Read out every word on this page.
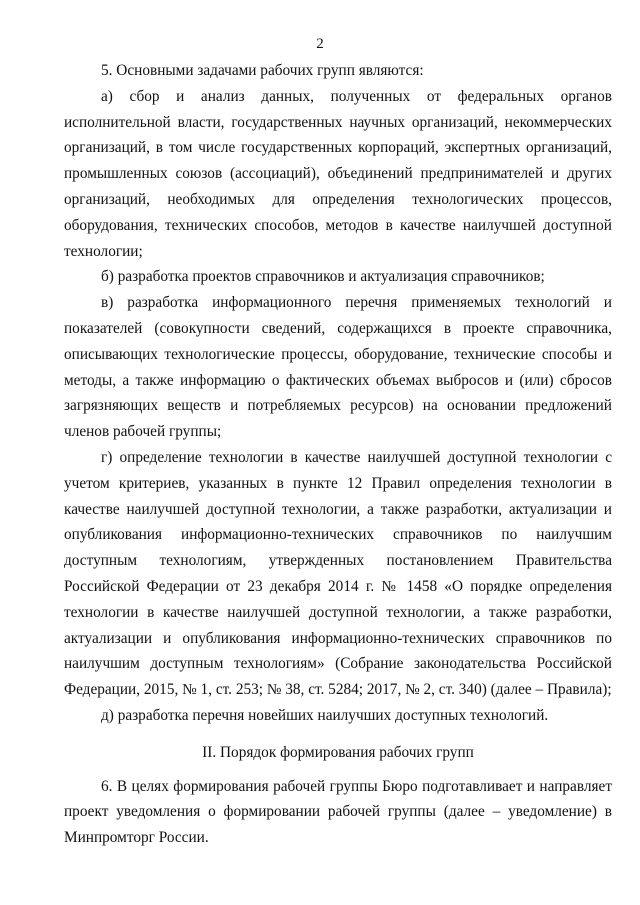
2

5. Основными задачами рабочих групп являются:

а) сбор и анализ данных, полученных от федеральных органов исполнительной власти, государственных научных организаций, некоммерческих организаций, в том числе государственных корпораций, экспертных организаций, промышленных союзов (ассоциаций), объединений предпринимателей и других организаций, необходимых для определения технологических процессов, оборудования, технических способов, методов в качестве наилучшей доступной технологии;

б) разработка проектов справочников и актуализация справочников;

в) разработка информационного перечня применяемых технологий и показателей (совокупности сведений, содержащихся в проекте справочника, описывающих технологические процессы, оборудование, технические способы и методы, а также информацию о фактических объемах выбросов и (или) сбросов загрязняющих веществ и потребляемых ресурсов) на основании предложений членов рабочей группы;

г) определение технологии в качестве наилучшей доступной технологии с учетом критериев, указанных в пункте 12 Правил определения технологии в качестве наилучшей доступной технологии, а также разработки, актуализации и опубликования информационно-технических справочников по наилучшим доступным технологиям, утвержденных постановлением Правительства Российской Федерации от 23 декабря 2014 г. № 1458 «О порядке определения технологии в качестве наилучшей доступной технологии, а также разработки, актуализации и опубликования информационно-технических справочников по наилучшим доступным технологиям» (Собрание законодательства Российской Федерации, 2015, № 1, ст. 253; № 38, ст. 5284; 2017, № 2, ст. 340) (далее – Правила);

д) разработка перечня новейших наилучших доступных технологий.

II. Порядок формирования рабочих групп

6. В целях формирования рабочей группы Бюро подготавливает и направляет проект уведомления о формировании рабочей группы (далее – уведомление) в Минпромторг России.
